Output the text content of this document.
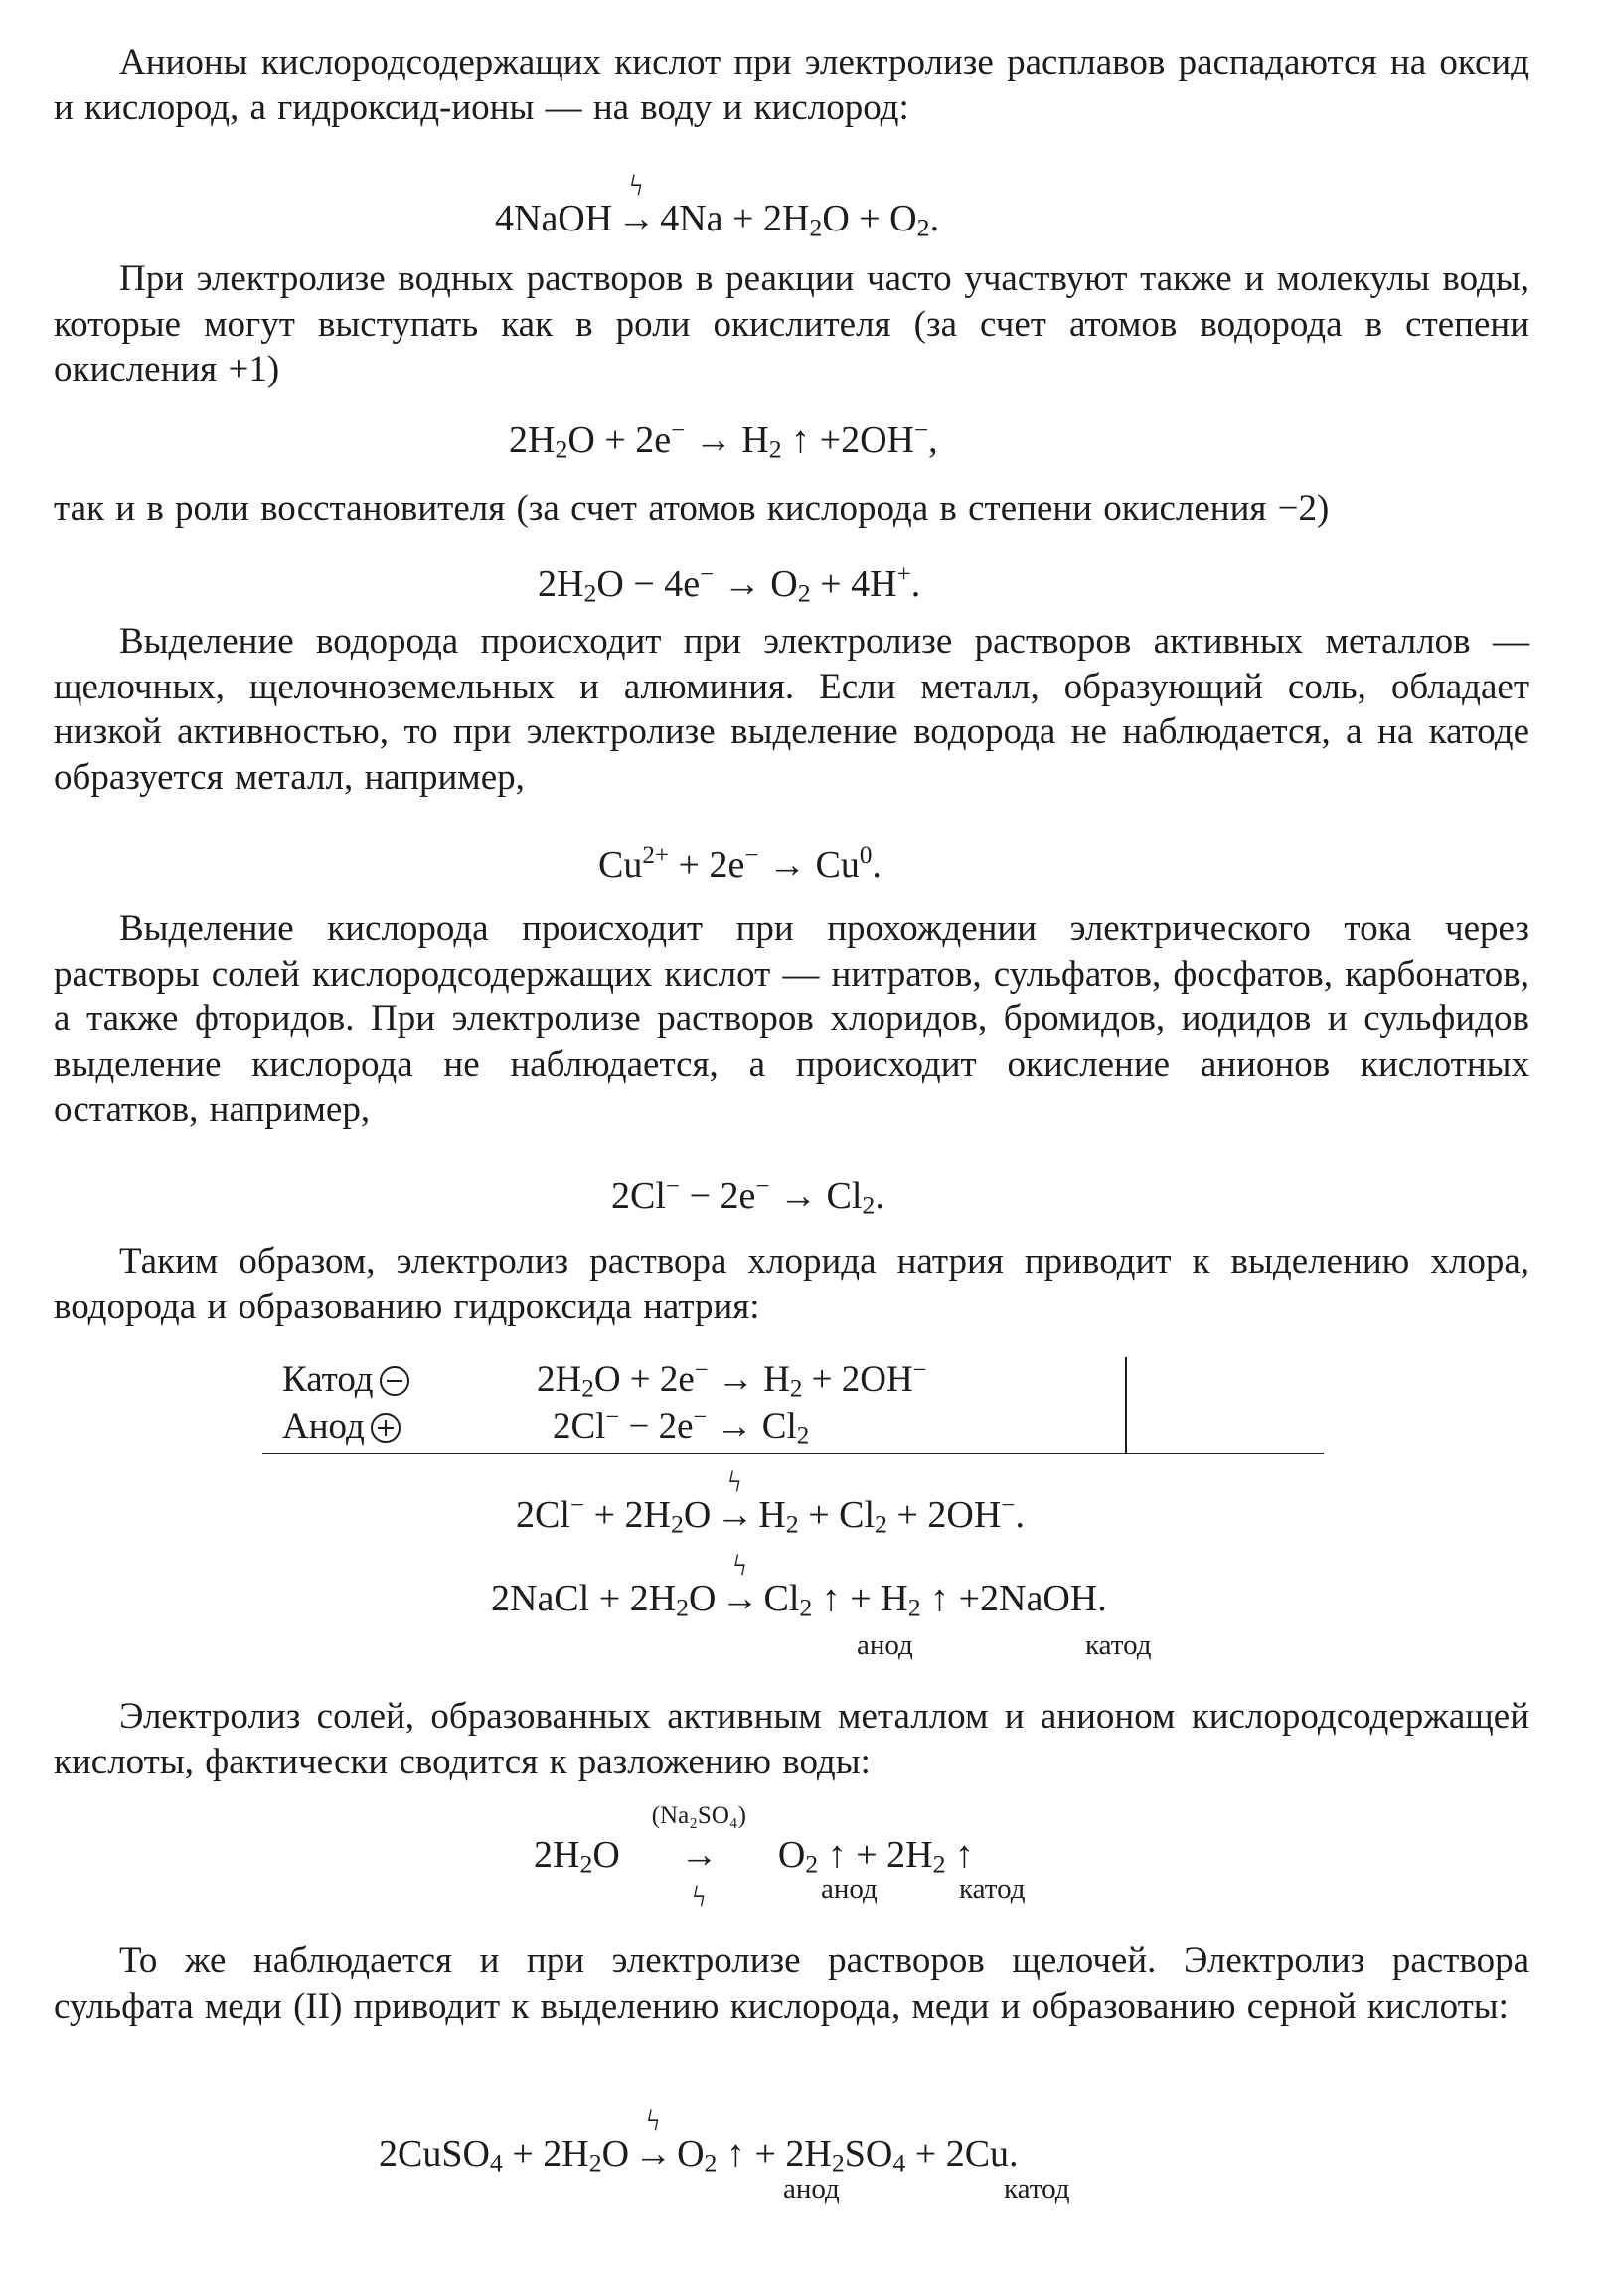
Анионы кислородсодержащих кислот при электролизе расплавов распадаются на оксид и кислород, а гидроксид-ионы — на воду и кислород:

4NaOH
ϟ
→ $4Na + 2H_2O + O_2$.

При электролизе водных растворов в реакции часто участвуют также и молекулы воды, которые могут выступать как в роли окислителя (за счет атомов водорода в степени окисления +1)

$2H_2O + 2e^- \to H_2$ ↑ +2OH−,

так и в роли восстановителя (за счет атомов кислорода в степени окисления −2)

$2H_2O - 4e^- \to O_2 + 4H^+$.

Выделение водорода происходит при электролизе растворов активных металлов — щелочных, щелочноземельных и алюминия. Если металл, образующий соль, обладает низкой активностью, то при электролизе выделение водорода не наблюдается, а на катоде образуется металл, например,

$Cu^{2+} + 2e^- \to Cu^0$.

Выделение кислорода происходит при прохождении электрического тока через растворы солей кислородсодержащих кислот — нитратов, сульфатов, фосфатов, карбонатов, а также фторидов. При электролизе растворов хлоридов, бромидов, иодидов и сульфидов выделение кислорода не наблюдается, а происходит окисление анионов кислотных остатков, например,

$2Cl^- - 2e^- \to Cl_2$.

Таким образом, электролиз раствора хлорида натрия приводит к выделению хлора, водорода и образованию гидроксида натрия:

Катод	$2H_2O + 2e^- \to H_2 + 2OH^-$
Анод	$2Cl^- - 2e^- \to Cl_2$
$2Cl^- + 2H_2O$
ϟ
→ $H_2 + Cl_2 + 2OH^-$.
2NaCl + $2H_2O$
ϟ
→ $Cl_2$ ↑ + $H_2$ ↑ +2NaOH.
анод	катод

Электролиз солей, образованных активным металлом и анионом кислородсодержащей кислоты, фактически сводится к разложению воды:

$2H_2O$
(Na₂SO₄)
→
ϟ
$O_2$ ↑ + $2H_2$ ↑
анод	катод

То же наблюдается и при электролизе растворов щелочей. Электролиз раствора сульфата меди (II) приводит к выделению кислорода, меди и образованию серной кислоты:

2CuSO$_4$ + $2H_2O$
ϟ
→ $O_2$ ↑ + $2H_2SO_4 + 2Cu$.
анод	катод
